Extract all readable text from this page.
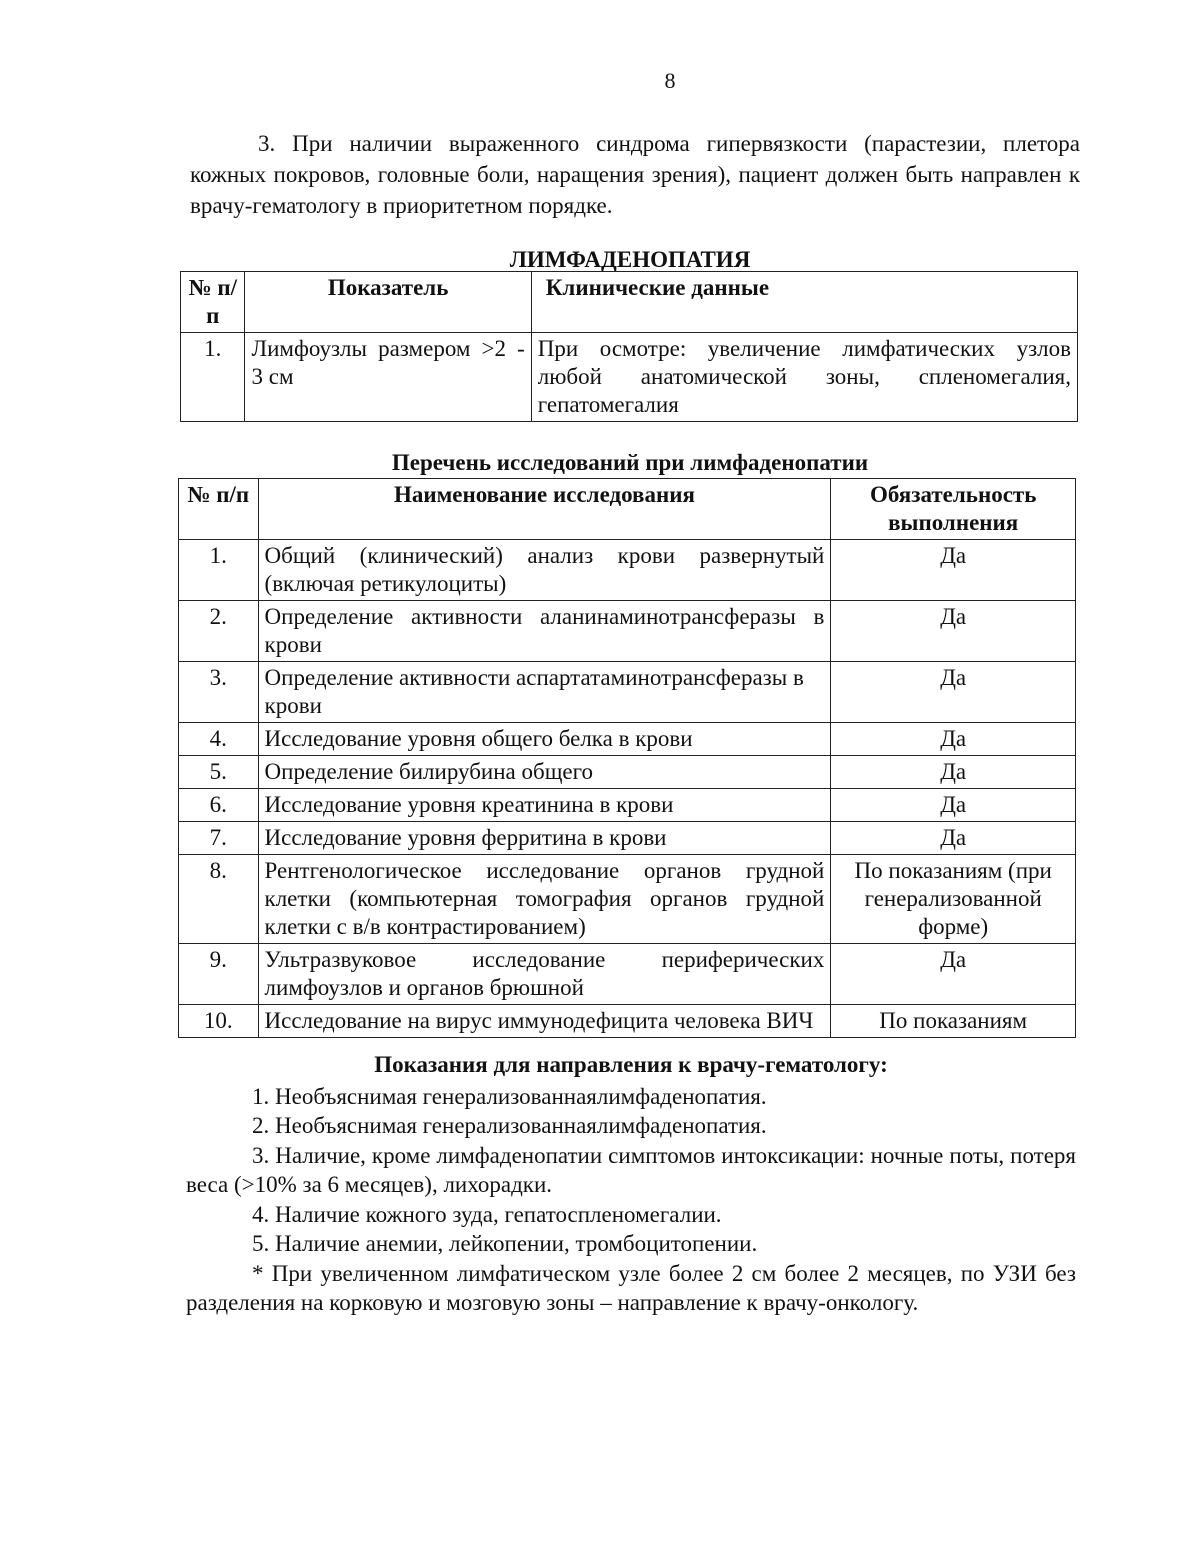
8

3. При наличии выраженного синдрома гипервязкости (парастезии, плетора кожных покровов, головные боли, наращения зрения), пациент должен быть направлен к врачу-гематологу в приоритетном порядке.

ЛИМФАДЕНОПАТИЯ
№ п/п	Показатель	Клинические данные
1.	Лимфоузлы размером >2 - 3 см	При осмотре: увеличение лимфатических узлов любой анатомической зоны, спленомегалия, гепатомегалия
Перечень исследований при лимфаденопатии
№ п/п	Наименование исследования	Обязательность выполнения
1.	Общий (клинический) анализ крови развернутый (включая ретикулоциты)	Да
2.	Определение активности аланинаминотрансферазы в крови	Да
3.	Определение активности аспартатаминотрансферазы в крови	Да
4.	Исследование уровня общего белка в крови	Да
5.	Определение билирубина общего	Да
6.	Исследование уровня креатинина в крови	Да
7.	Исследование уровня ферритина в крови	Да
8.	Рентгенологическое исследование органов грудной клетки (компьютерная томография органов грудной клетки с в/в контрастированием)	По показаниям (при генерализованной форме)
9.	Ультразвуковое исследование периферических лимфоузлов и органов брюшной	Да
10.	Исследование на вирус иммунодефицита человека ВИЧ	По показаниям
Показания для направления к врачу-гематологу:

1. Необъяснимая генерализованнаялимфаденопатия.

2. Необъяснимая генерализованнаялимфаденопатия.

3. Наличие, кроме лимфаденопатии симптомов интоксикации: ночные поты, потеря веса (>10% за 6 месяцев), лихорадки.

4. Наличие кожного зуда, гепатоспленомегалии.

5. Наличие анемии, лейкопении, тромбоцитопении.

* При увеличенном лимфатическом узле более 2 см более 2 месяцев, по УЗИ без разделения на корковую и мозговую зоны – направление к врачу-онкологу.
